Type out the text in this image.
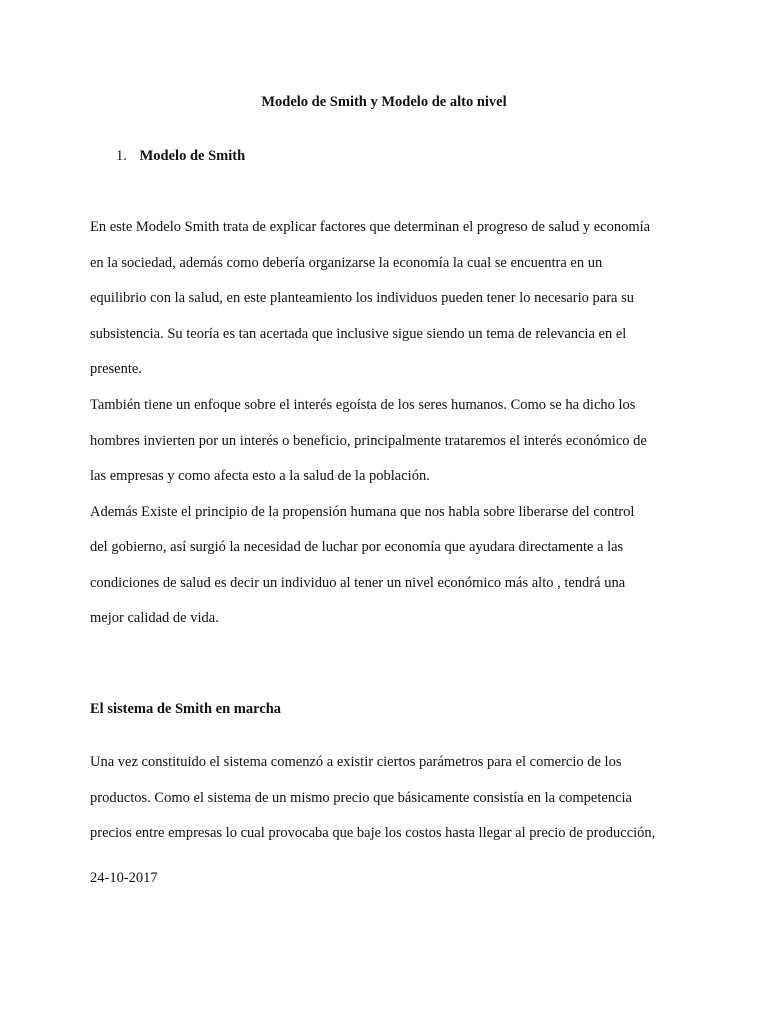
Modelo de Smith y Modelo de alto nivel
1. Modelo de Smith
En este Modelo Smith trata de explicar factores que determinan el progreso de salud y economía
en la sociedad, además como debería organizarse la economía la cual se encuentra en un
equilibrio con la salud, en este planteamiento los individuos pueden tener lo necesario para su
subsistencia. Su teoría es tan acertada que inclusive sigue siendo un tema de relevancia en el
presente.
También tiene un enfoque sobre el interés egoísta de los seres humanos. Como se ha dicho los
hombres invierten por un interés o beneficio, principalmente trataremos el interés económico de
las empresas y como afecta esto a la salud de la población.
Además Existe el principio de la propensión humana que nos habla sobre liberarse del control
del gobierno, así surgió la necesidad de luchar por economía que ayudara directamente a las
condiciones de salud es decir un individuo al tener un nivel económico más alto , tendrá una
mejor calidad de vida.
El sistema de Smith en marcha
Una vez constituido el sistema comenzó a existir ciertos parámetros para el comercio de los
productos. Como el sistema de un mismo precio que básicamente consistía en la competencia
precios entre empresas lo cual provocaba que baje los costos hasta llegar al precio de producción,
24-10-2017
